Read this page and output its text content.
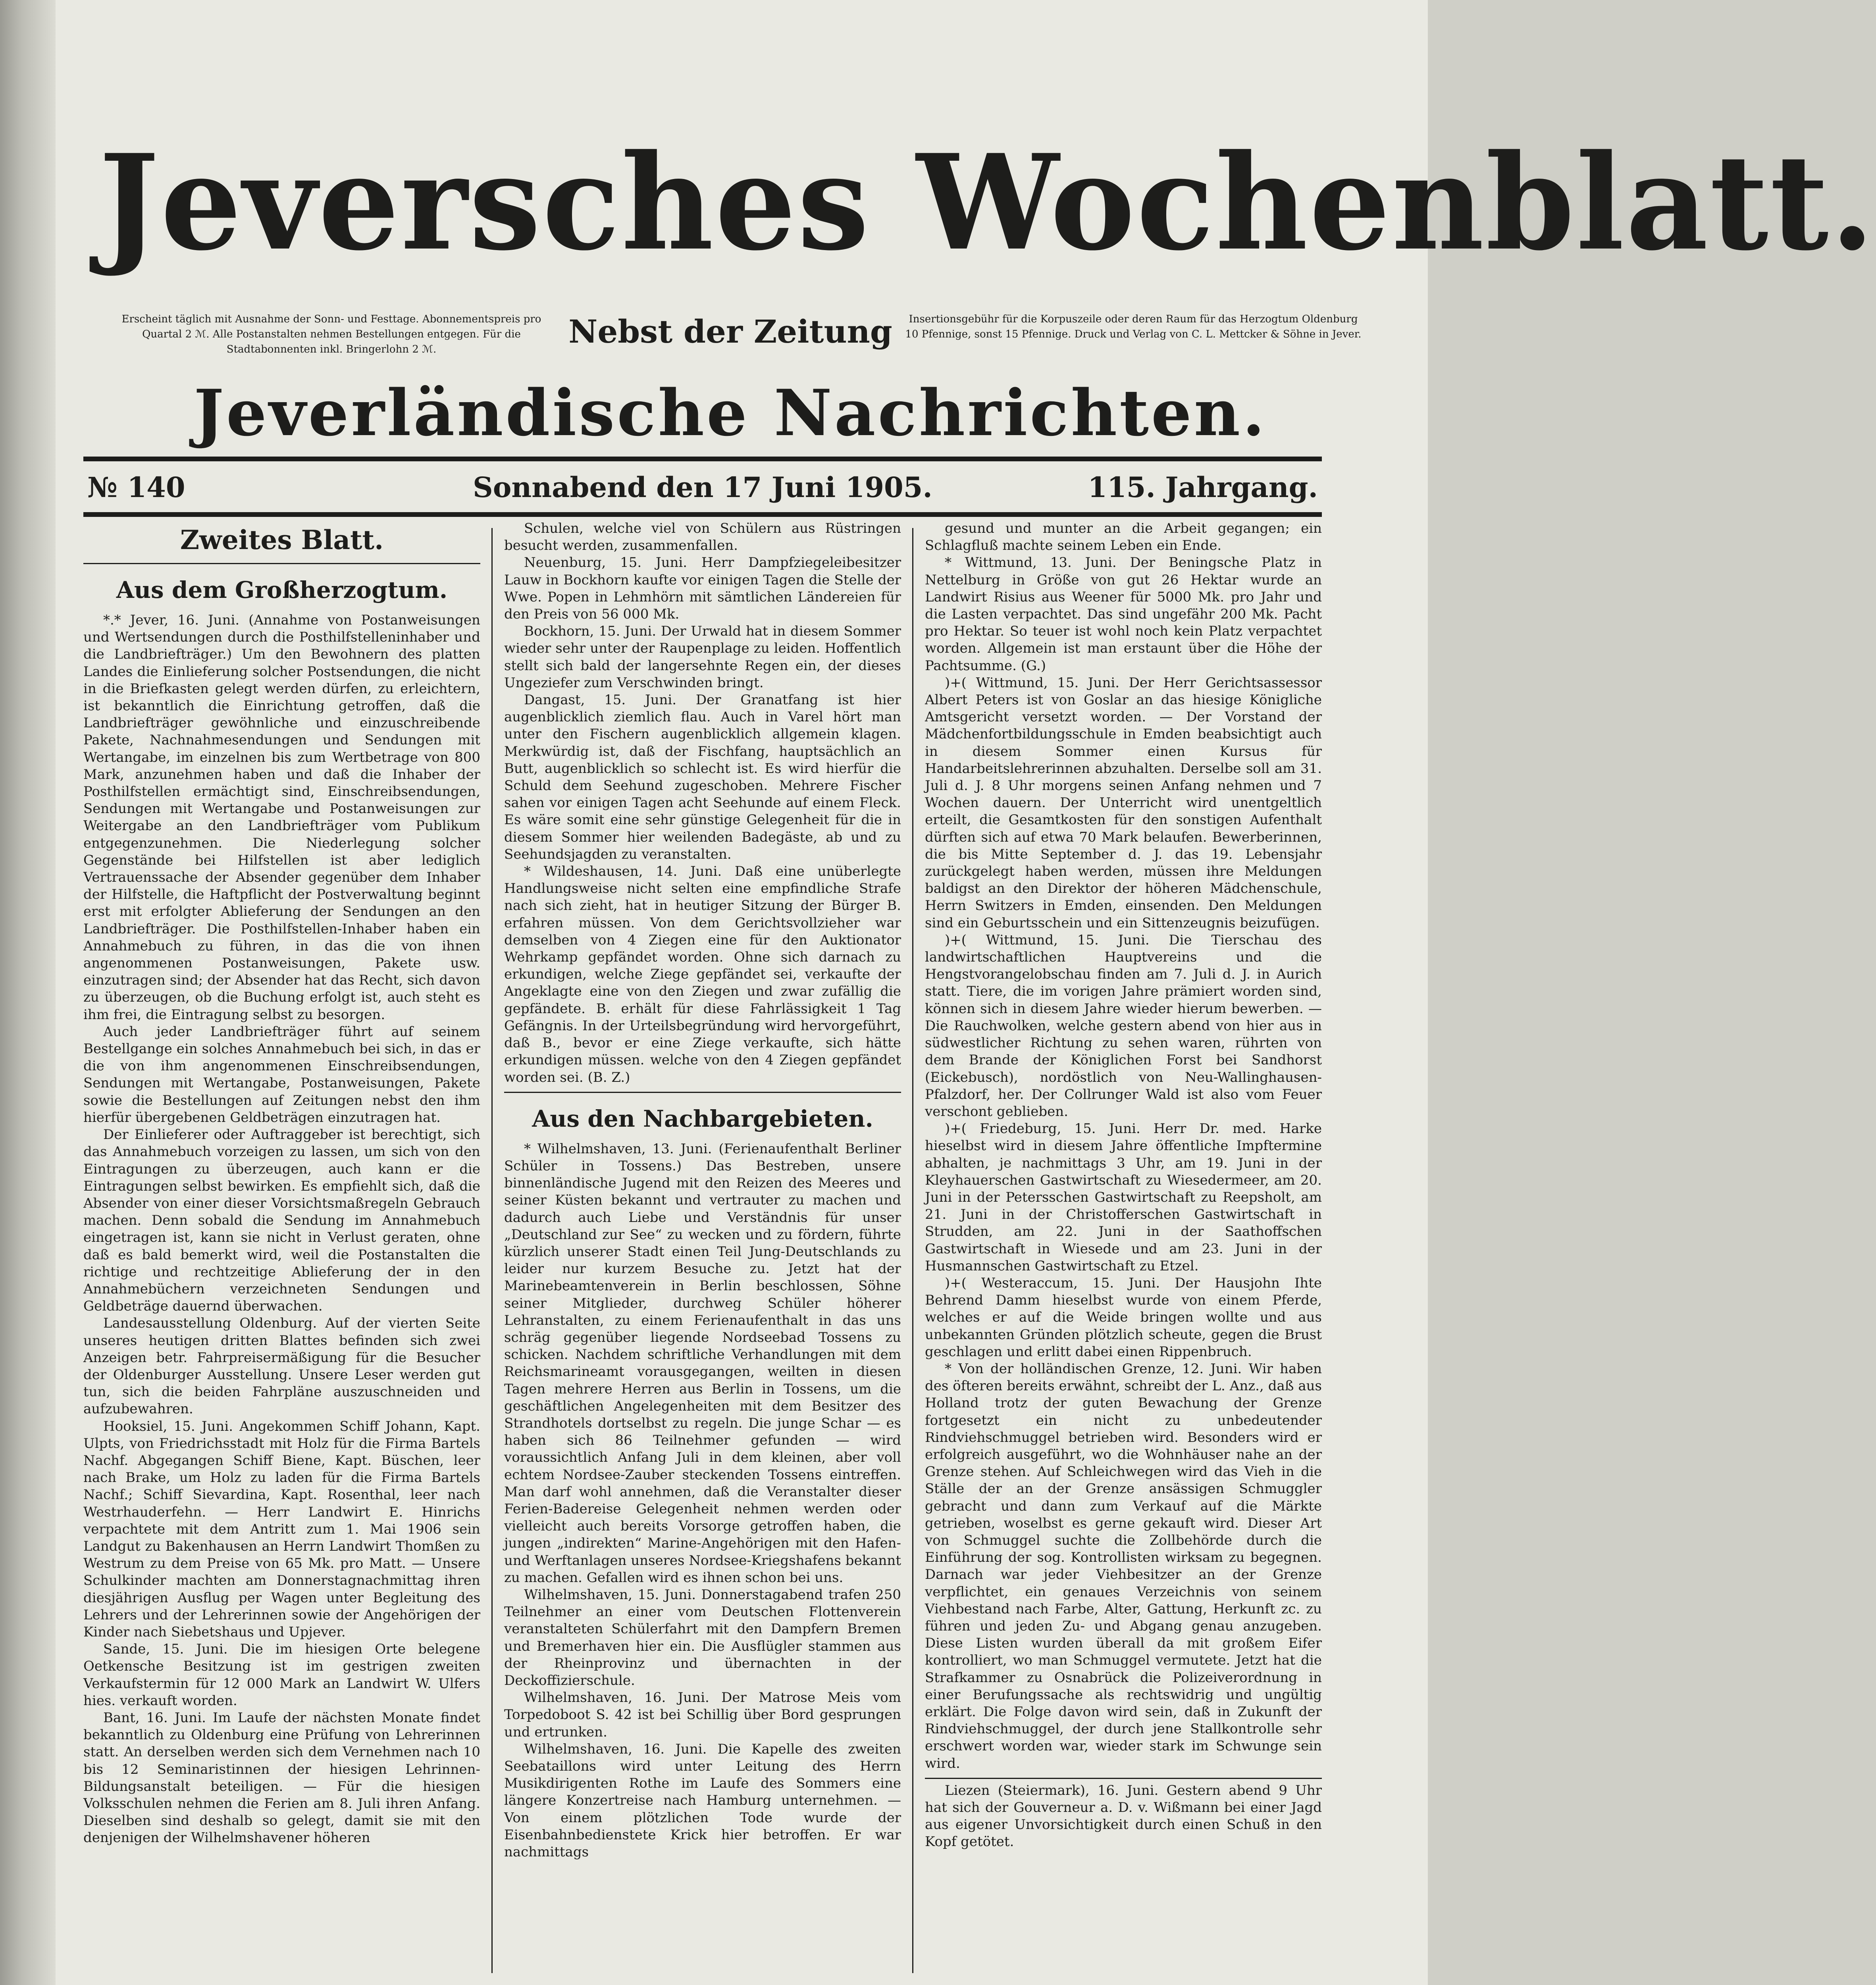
Jeversches Wochenblatt.
Erscheint täglich mit Ausnahme der Sonn- und Festtage. Abonnementspreis pro Quartal 2 ℳ. Alle Postanstalten nehmen Bestellungen entgegen. Für die Stadtabonnenten inkl. Bringerlohn 2 ℳ.	Nebst der Zeitung	Insertionsgebühr für die Korpuszeile oder deren Raum für das Herzogtum Oldenburg 10 Pfennige, sonst 15 Pfennige. Druck und Verlag von C. L. Mettcker & Söhne in Jever.
Jeverländische Nachrichten.
№ 140	Sonnabend den 17 Juni 1905.	115. Jahrgang.
Zweites Blatt.
Aus dem Großherzogtum.

*.* Jever, 16. Juni. (Annahme von Postanweisungen und Wertsendungen durch die Posthilfstelleninhaber und die Landbriefträger.) Um den Bewohnern des platten Landes die Einlieferung solcher Postsendungen, die nicht in die Briefkasten gelegt werden dürfen, zu erleichtern, ist bekanntlich die Einrichtung getroffen, daß die Landbriefträger gewöhnliche und einzuschreibende Pakete, Nachnahmesendungen und Sendungen mit Wertangabe, im einzelnen bis zum Wertbetrage von 800 Mark, anzunehmen haben und daß die Inhaber der Posthilfstellen ermächtigt sind, Einschreibsendungen, Sendungen mit Wertangabe und Postanweisungen zur Weitergabe an den Landbriefträger vom Publikum entgegenzunehmen. Die Niederlegung solcher Gegenstände bei Hilfstellen ist aber lediglich Vertrauenssache der Absender gegenüber dem Inhaber der Hilfstelle, die Haftpflicht der Postverwaltung beginnt erst mit erfolgter Ablieferung der Sendungen an den Landbriefträger. Die Posthilfstellen-Inhaber haben ein Annahmebuch zu führen, in das die von ihnen angenommenen Postanweisungen, Pakete usw. einzutragen sind; der Absender hat das Recht, sich davon zu überzeugen, ob die Buchung erfolgt ist, auch steht es ihm frei, die Eintragung selbst zu besorgen.

Auch jeder Landbriefträger führt auf seinem Bestellgange ein solches Annahmebuch bei sich, in das er die von ihm angenommenen Einschreibsendungen, Sendungen mit Wertangabe, Postanweisungen, Pakete sowie die Bestellungen auf Zeitungen nebst den ihm hierfür übergebenen Geldbeträgen einzutragen hat.

Der Einlieferer oder Auftraggeber ist berechtigt, sich das Annahmebuch vorzeigen zu lassen, um sich von den Eintragungen zu überzeugen, auch kann er die Eintragungen selbst bewirken. Es empfiehlt sich, daß die Absender von einer dieser Vorsichtsmaßregeln Gebrauch machen. Denn sobald die Sendung im Annahmebuch eingetragen ist, kann sie nicht in Verlust geraten, ohne daß es bald bemerkt wird, weil die Postanstalten die richtige und rechtzeitige Ablieferung der in den Annahmebüchern verzeichneten Sendungen und Geldbeträge dauernd überwachen.

Landesausstellung Oldenburg. Auf der vierten Seite unseres heutigen dritten Blattes befinden sich zwei Anzeigen betr. Fahrpreisermäßigung für die Besucher der Oldenburger Ausstellung. Unsere Leser werden gut tun, sich die beiden Fahrpläne auszuschneiden und aufzubewahren.

Hooksiel, 15. Juni. Angekommen Schiff Johann, Kapt. Ulpts, von Friedrichsstadt mit Holz für die Firma Bartels Nachf. Abgegangen Schiff Biene, Kapt. Büschen, leer nach Brake, um Holz zu laden für die Firma Bartels Nachf.; Schiff Sievardina, Kapt. Rosenthal, leer nach Westrhauderfehn. — Herr Landwirt E. Hinrichs verpachtete mit dem Antritt zum 1. Mai 1906 sein Landgut zu Bakenhausen an Herrn Landwirt Thomßen zu Westrum zu dem Preise von 65 Mk. pro Matt. — Unsere Schulkinder machten am Donnerstagnachmittag ihren diesjährigen Ausflug per Wagen unter Begleitung des Lehrers und der Lehrerinnen sowie der Angehörigen der Kinder nach Siebetshaus und Upjever.

Sande, 15. Juni. Die im hiesigen Orte belegene Oetkensche Besitzung ist im gestrigen zweiten Verkaufstermin für 12 000 Mark an Landwirt W. Ulfers hies. verkauft worden.

Bant, 16. Juni. Im Laufe der nächsten Monate findet bekanntlich zu Oldenburg eine Prüfung von Lehrerinnen statt. An derselben werden sich dem Vernehmen nach 10 bis 12 Seminaristinnen der hiesigen Lehrinnen-Bildungsanstalt beteiligen. — Für die hiesigen Volksschulen nehmen die Ferien am 8. Juli ihren Anfang. Dieselben sind deshalb so gelegt, damit sie mit den denjenigen der Wilhelmshavener höheren

Schulen, welche viel von Schülern aus Rüstringen besucht werden, zusammenfallen.

Neuenburg, 15. Juni. Herr Dampfziegeleibesitzer Lauw in Bockhorn kaufte vor einigen Tagen die Stelle der Wwe. Popen in Lehmhörn mit sämtlichen Ländereien für den Preis von 56 000 Mk.

Bockhorn, 15. Juni. Der Urwald hat in diesem Sommer wieder sehr unter der Raupenplage zu leiden. Hoffentlich stellt sich bald der langersehnte Regen ein, der dieses Ungeziefer zum Verschwinden bringt.

Dangast, 15. Juni. Der Granatfang ist hier augenblicklich ziemlich flau. Auch in Varel hört man unter den Fischern augenblicklich allgemein klagen. Merkwürdig ist, daß der Fischfang, hauptsächlich an Butt, augenblicklich so schlecht ist. Es wird hierfür die Schuld dem Seehund zugeschoben. Mehrere Fischer sahen vor einigen Tagen acht Seehunde auf einem Fleck. Es wäre somit eine sehr günstige Gelegenheit für die in diesem Sommer hier weilenden Badegäste, ab und zu Seehundsjagden zu veranstalten.

* Wildeshausen, 14. Juni. Daß eine unüberlegte Handlungsweise nicht selten eine empfindliche Strafe nach sich zieht, hat in heutiger Sitzung der Bürger B. erfahren müssen. Von dem Gerichtsvollzieher war demselben von 4 Ziegen eine für den Auktionator Wehrkamp gepfändet worden. Ohne sich darnach zu erkundigen, welche Ziege gepfändet sei, verkaufte der Angeklagte eine von den Ziegen und zwar zufällig die gepfändete. B. erhält für diese Fahrlässigkeit 1 Tag Gefängnis. In der Urteilsbegründung wird hervorgeführt, daß B., bevor er eine Ziege verkaufte, sich hätte erkundigen müssen. welche von den 4 Ziegen gepfändet worden sei. (B. Z.)

Aus den Nachbargebieten.

* Wilhelmshaven, 13. Juni. (Ferienaufenthalt Berliner Schüler in Tossens.) Das Bestreben, unsere binnenländische Jugend mit den Reizen des Meeres und seiner Küsten bekannt und vertrauter zu machen und dadurch auch Liebe und Verständnis für unser „Deutschland zur See“ zu wecken und zu fördern, führte kürzlich unserer Stadt einen Teil Jung-Deutschlands zu leider nur kurzem Besuche zu. Jetzt hat der Marinebeamtenverein in Berlin beschlossen, Söhne seiner Mitglieder, durchweg Schüler höherer Lehranstalten, zu einem Ferienaufenthalt in das uns schräg gegenüber liegende Nordseebad Tossens zu schicken. Nachdem schriftliche Verhandlungen mit dem Reichsmarineamt vorausgegangen, weilten in diesen Tagen mehrere Herren aus Berlin in Tossens, um die geschäftlichen Angelegenheiten mit dem Besitzer des Strandhotels dortselbst zu regeln. Die junge Schar — es haben sich 86 Teilnehmer gefunden — wird voraussichtlich Anfang Juli in dem kleinen, aber voll echtem Nordsee-Zauber steckenden Tossens eintreffen. Man darf wohl annehmen, daß die Veranstalter dieser Ferien-Badereise Gelegenheit nehmen werden oder vielleicht auch bereits Vorsorge getroffen haben, die jungen „indirekten“ Marine-Angehörigen mit den Hafen- und Werftanlagen unseres Nordsee-Kriegshafens bekannt zu machen. Gefallen wird es ihnen schon bei uns.

Wilhelmshaven, 15. Juni. Donnerstagabend trafen 250 Teilnehmer an einer vom Deutschen Flottenverein veranstalteten Schülerfahrt mit den Dampfern Bremen und Bremerhaven hier ein. Die Ausflügler stammen aus der Rheinprovinz und übernachten in der Deckoffizierschule.

Wilhelmshaven, 16. Juni. Der Matrose Meis vom Torpedoboot S. 42 ist bei Schillig über Bord gesprungen und ertrunken.

Wilhelmshaven, 16. Juni. Die Kapelle des zweiten Seebataillons wird unter Leitung des Herrn Musikdirigenten Rothe im Laufe des Sommers eine längere Konzertreise nach Hamburg unternehmen. — Von einem plötzlichen Tode wurde der Eisenbahnbedienstete Krick hier betroffen. Er war nachmittags

gesund und munter an die Arbeit gegangen; ein Schlagfluß machte seinem Leben ein Ende.

* Wittmund, 13. Juni. Der Beningsche Platz in Nettelburg in Größe von gut 26 Hektar wurde an Landwirt Risius aus Weener für 5000 Mk. pro Jahr und die Lasten verpachtet. Das sind ungefähr 200 Mk. Pacht pro Hektar. So teuer ist wohl noch kein Platz verpachtet worden. Allgemein ist man erstaunt über die Höhe der Pachtsumme. (G.)

)+( Wittmund, 15. Juni. Der Herr Gerichtsassessor Albert Peters ist von Goslar an das hiesige Königliche Amtsgericht versetzt worden. — Der Vorstand der Mädchenfortbildungsschule in Emden beabsichtigt auch in diesem Sommer einen Kursus für Handarbeitslehrerinnen abzuhalten. Derselbe soll am 31. Juli d. J. 8 Uhr morgens seinen Anfang nehmen und 7 Wochen dauern. Der Unterricht wird unentgeltlich erteilt, die Gesamtkosten für den sonstigen Aufenthalt dürften sich auf etwa 70 Mark belaufen. Bewerberinnen, die bis Mitte September d. J. das 19. Lebensjahr zurückgelegt haben werden, müssen ihre Meldungen baldigst an den Direktor der höheren Mädchenschule, Herrn Switzers in Emden, einsenden. Den Meldungen sind ein Geburtsschein und ein Sittenzeugnis beizufügen.

)+( Wittmund, 15. Juni. Die Tierschau des landwirtschaftlichen Hauptvereins und die Hengstvorangelobschau finden am 7. Juli d. J. in Aurich statt. Tiere, die im vorigen Jahre prämiert worden sind, können sich in diesem Jahre wieder hierum bewerben. — Die Rauchwolken, welche gestern abend von hier aus in südwestlicher Richtung zu sehen waren, rührten von dem Brande der Königlichen Forst bei Sandhorst (Eickebusch), nordöstlich von Neu-Wallinghausen-Pfalzdorf, her. Der Collrunger Wald ist also vom Feuer verschont geblieben.

)+( Friedeburg, 15. Juni. Herr Dr. med. Harke hieselbst wird in diesem Jahre öffentliche Impftermine abhalten, je nachmittags 3 Uhr, am 19. Juni in der Kleyhauerschen Gastwirtschaft zu Wiesedermeer, am 20. Juni in der Petersschen Gastwirtschaft zu Reepsholt, am 21. Juni in der Christofferschen Gastwirtschaft in Strudden, am 22. Juni in der Saathoffschen Gastwirtschaft in Wiesede und am 23. Juni in der Husmannschen Gastwirtschaft zu Etzel.

)+( Westeraccum, 15. Juni. Der Hausjohn Ihte Behrend Damm hieselbst wurde von einem Pferde, welches er auf die Weide bringen wollte und aus unbekannten Gründen plötzlich scheute, gegen die Brust geschlagen und erlitt dabei einen Rippenbruch.

* Von der holländischen Grenze, 12. Juni. Wir haben des öfteren bereits erwähnt, schreibt der L. Anz., daß aus Holland trotz der guten Bewachung der Grenze fortgesetzt ein nicht zu unbedeutender Rindviehschmuggel betrieben wird. Besonders wird er erfolgreich ausgeführt, wo die Wohnhäuser nahe an der Grenze stehen. Auf Schleichwegen wird das Vieh in die Ställe der an der Grenze ansässigen Schmuggler gebracht und dann zum Verkauf auf die Märkte getrieben, woselbst es gerne gekauft wird. Dieser Art von Schmuggel suchte die Zollbehörde durch die Einführung der sog. Kontrollisten wirksam zu begegnen. Darnach war jeder Viehbesitzer an der Grenze verpflichtet, ein genaues Verzeichnis von seinem Viehbestand nach Farbe, Alter, Gattung, Herkunft zc. zu führen und jeden Zu- und Abgang genau anzugeben. Diese Listen wurden überall da mit großem Eifer kontrolliert, wo man Schmuggel vermutete. Jetzt hat die Strafkammer zu Osnabrück die Polizeiverordnung in einer Berufungssache als rechtswidrig und ungültig erklärt. Die Folge davon wird sein, daß in Zukunft der Rindviehschmuggel, der durch jene Stallkontrolle sehr erschwert worden war, wieder stark im Schwunge sein wird.

Liezen (Steiermark), 16. Juni. Gestern abend 9 Uhr hat sich der Gouverneur a. D. v. Wißmann bei einer Jagd aus eigener Unvorsichtigkeit durch einen Schuß in den Kopf getötet.
